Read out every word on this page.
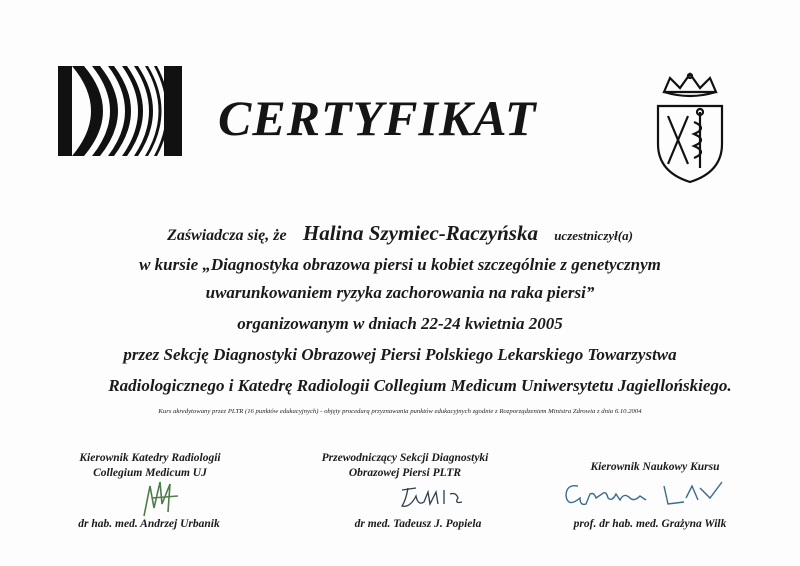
CERTYFIKAT
Zaświadcza się, że Halina Szymiec-Raczyńska uczestniczył(a)
w kursie „Diagnostyka obrazowa piersi u kobiet szczególnie z genetycznym
uwarunkowaniem ryzyka zachorowania na raka piersi”
organizowanym w dniach 22-24 kwietnia 2005
przez Sekcję Diagnostyki Obrazowej Piersi Polskiego Lekarskiego Towarzystwa
Radiologicznego i Katedrę Radiologii Collegium Medicum Uniwersytetu Jagiellońskiego.
Kurs akredytowany przez PLTR (16 punktów edukacyjnych) - objęty procedurą przyznawania punktów edukacyjnych zgodnie z Rozporządzeniem Ministra Zdrowia z dnia 6.10.2004
Kierownik Katedry Radiologii
Collegium Medicum UJ
Przewodniczący Sekcji Diagnostyki
Obrazowej Piersi PLTR	Kierownik Naukowy Kursu
dr hab. med. Andrzej Urbanik	dr med. Tadeusz J. Popiela	prof. dr hab. med. Grażyna Wilk
